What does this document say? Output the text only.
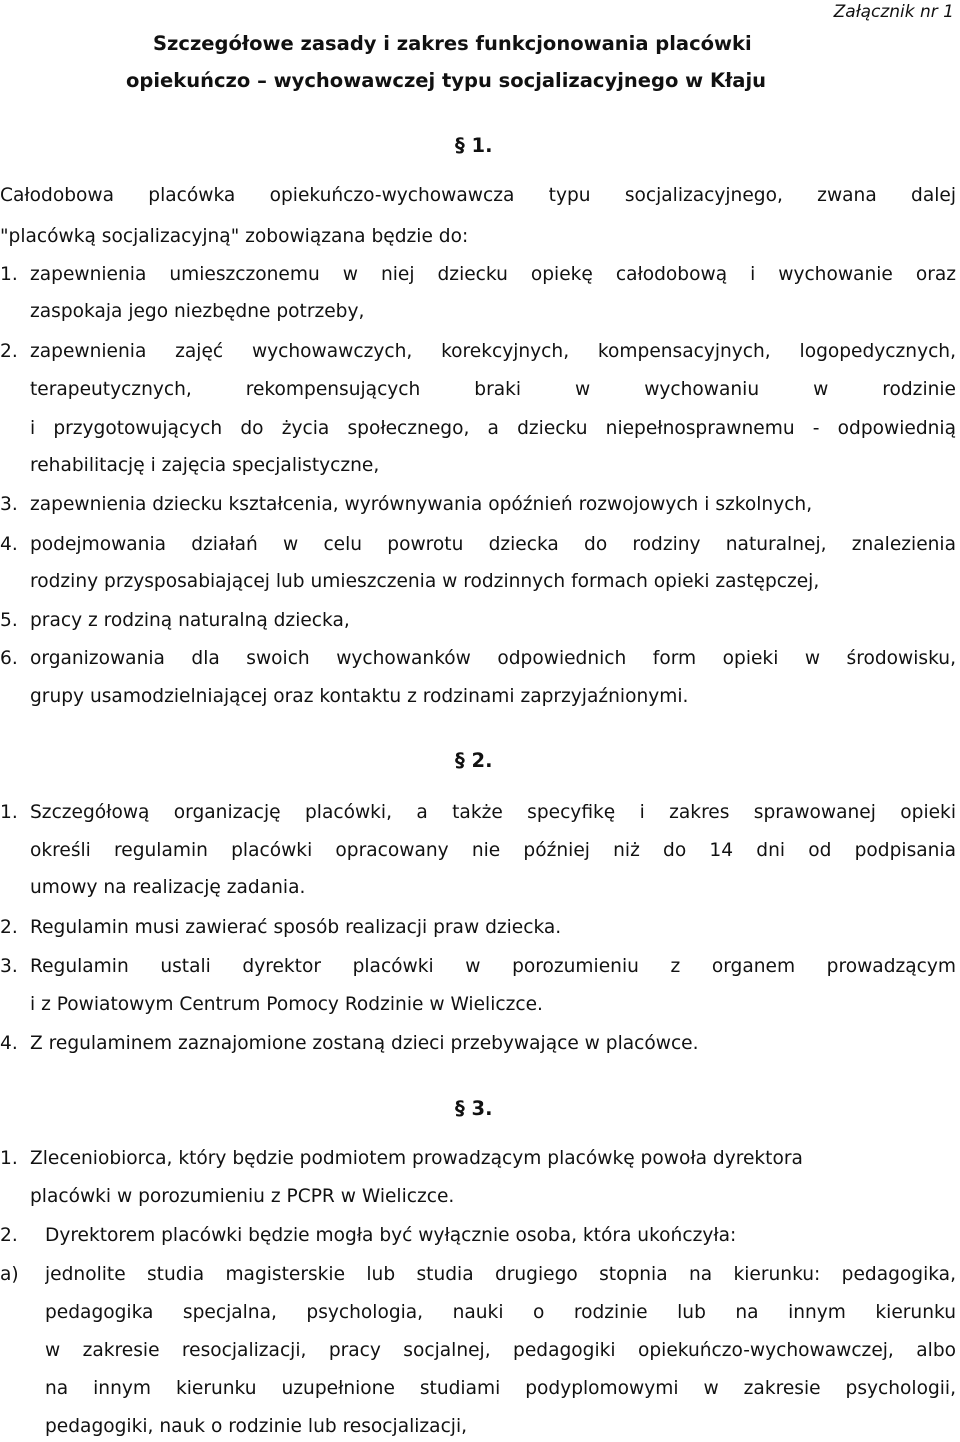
Załącznik nr 1
Szczegółowe zasady i zakres funkcjonowania placówki
opiekuńczo – wychowawczej typu socjalizacyjnego w Kłaju
§ 1.
Całodobowa placówka opiekuńczo-wychowawcza typu socjalizacyjnego, zwana dalej
"placówką socjalizacyjną" zobowiązana będzie do:
1. zapewnienia umieszczonemu w niej dziecku opiekę całodobową i wychowanie oraz
zaspokaja jego niezbędne potrzeby,
2. zapewnienia zajęć wychowawczych, korekcyjnych, kompensacyjnych, logopedycznych,
terapeutycznych, rekompensujących braki w wychowaniu w rodzinie
i przygotowujących do życia społecznego, a dziecku niepełnosprawnemu - odpowiednią
rehabilitację i zajęcia specjalistyczne,
3. zapewnienia dziecku kształcenia, wyrównywania opóźnień rozwojowych i szkolnych,
4. podejmowania działań w celu powrotu dziecka do rodziny naturalnej, znalezienia
rodziny przysposabiającej lub umieszczenia w rodzinnych formach opieki zastępczej,
5. pracy z rodziną naturalną dziecka,
6. organizowania dla swoich wychowanków odpowiednich form opieki w środowisku,
grupy usamodzielniającej oraz kontaktu z rodzinami zaprzyjaźnionymi.
§ 2.
1. Szczegółową organizację placówki, a także specyfikę i zakres sprawowanej opieki
określi regulamin placówki opracowany nie później niż do 14 dni od podpisania
umowy na realizację zadania.
2. Regulamin musi zawierać sposób realizacji praw dziecka.
3. Regulamin ustali dyrektor placówki w porozumieniu z organem prowadzącym
i z Powiatowym Centrum Pomocy Rodzinie w Wieliczce.
4. Z regulaminem zaznajomione zostaną dzieci przebywające w placówce.
§ 3.
1. Zleceniobiorca, który będzie podmiotem prowadzącym placówkę powoła dyrektora
placówki w porozumieniu z PCPR w Wieliczce.
2. Dyrektorem placówki będzie mogła być wyłącznie osoba, która ukończyła:
a) jednolite studia magisterskie lub studia drugiego stopnia na kierunku: pedagogika,
pedagogika specjalna, psychologia, nauki o rodzinie lub na innym kierunku
w zakresie resocjalizacji, pracy socjalnej, pedagogiki opiekuńczo-wychowawczej, albo
na innym kierunku uzupełnione studiami podyplomowymi w zakresie psychologii,
pedagogiki, nauk o rodzinie lub resocjalizacji,
